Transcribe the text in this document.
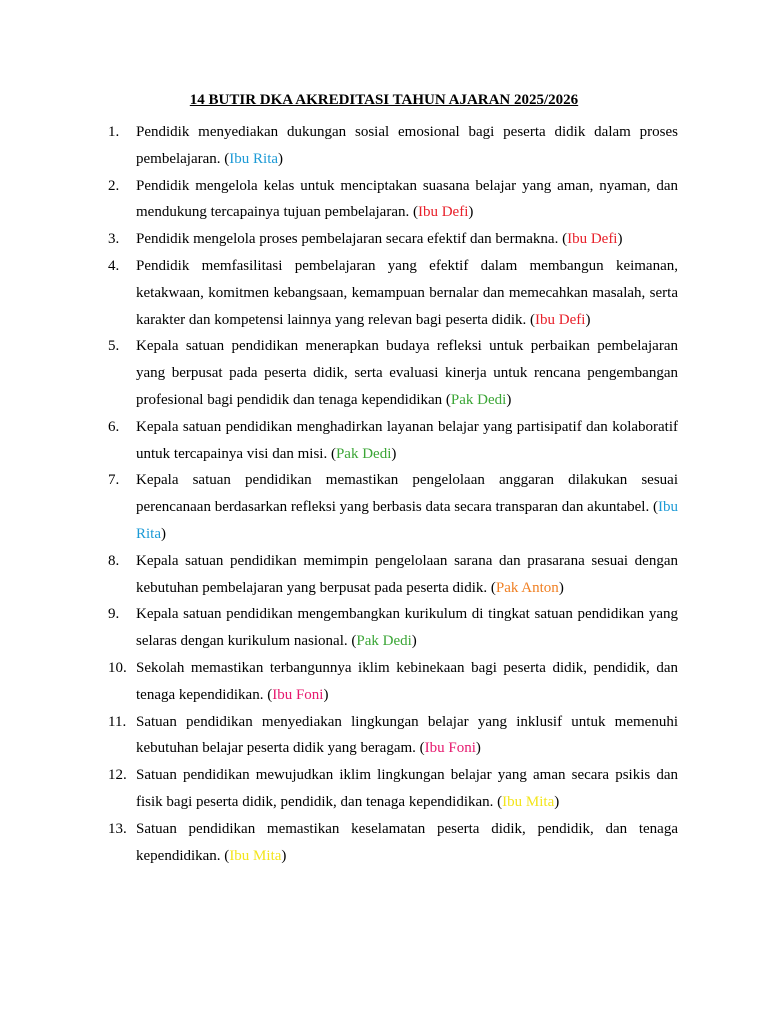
14 BUTIR DKA AKREDITASI TAHUN AJARAN 2025/2026
1.	Pendidik menyediakan dukungan sosial emosional bagi peserta didik dalam proses pembelajaran. (Ibu Rita)
2.	Pendidik mengelola kelas untuk menciptakan suasana belajar yang aman, nyaman, dan mendukung tercapainya tujuan pembelajaran. (Ibu Defi)
3.	Pendidik mengelola proses pembelajaran secara efektif dan bermakna. (Ibu Defi)
4.	Pendidik memfasilitasi pembelajaran yang efektif dalam membangun keimanan, ketakwaan, komitmen kebangsaan, kemampuan bernalar dan memecahkan masalah, serta karakter dan kompetensi lainnya yang relevan bagi peserta didik. (Ibu Defi)
5.	Kepala satuan pendidikan menerapkan budaya refleksi untuk perbaikan pembelajaran yang berpusat pada peserta didik, serta evaluasi kinerja untuk rencana pengembangan profesional bagi pendidik dan tenaga kependidikan (Pak Dedi)
6.	Kepala satuan pendidikan menghadirkan layanan belajar yang partisipatif dan kolaboratif untuk tercapainya visi dan misi. (Pak Dedi)
7.	Kepala satuan pendidikan memastikan pengelolaan anggaran dilakukan sesuai perencanaan berdasarkan refleksi yang berbasis data secara transparan dan akuntabel. (Ibu Rita)
8.	Kepala satuan pendidikan memimpin pengelolaan sarana dan prasarana sesuai dengan kebutuhan pembelajaran yang berpusat pada peserta didik. (Pak Anton)
9.	Kepala satuan pendidikan mengembangkan kurikulum di tingkat satuan pendidikan yang selaras dengan kurikulum nasional. (Pak Dedi)
10. Sekolah memastikan terbangunnya iklim kebinekaan bagi peserta didik, pendidik, dan tenaga kependidikan. (Ibu Foni)
11. Satuan pendidikan menyediakan lingkungan belajar yang inklusif untuk memenuhi kebutuhan belajar peserta didik yang beragam. (Ibu Foni)
12. Satuan pendidikan mewujudkan iklim lingkungan belajar yang aman secara psikis dan fisik bagi peserta didik, pendidik, dan tenaga kependidikan. (Ibu Mita)
13. Satuan pendidikan memastikan keselamatan peserta didik, pendidik, dan tenaga kependidikan. (Ibu Mita)
